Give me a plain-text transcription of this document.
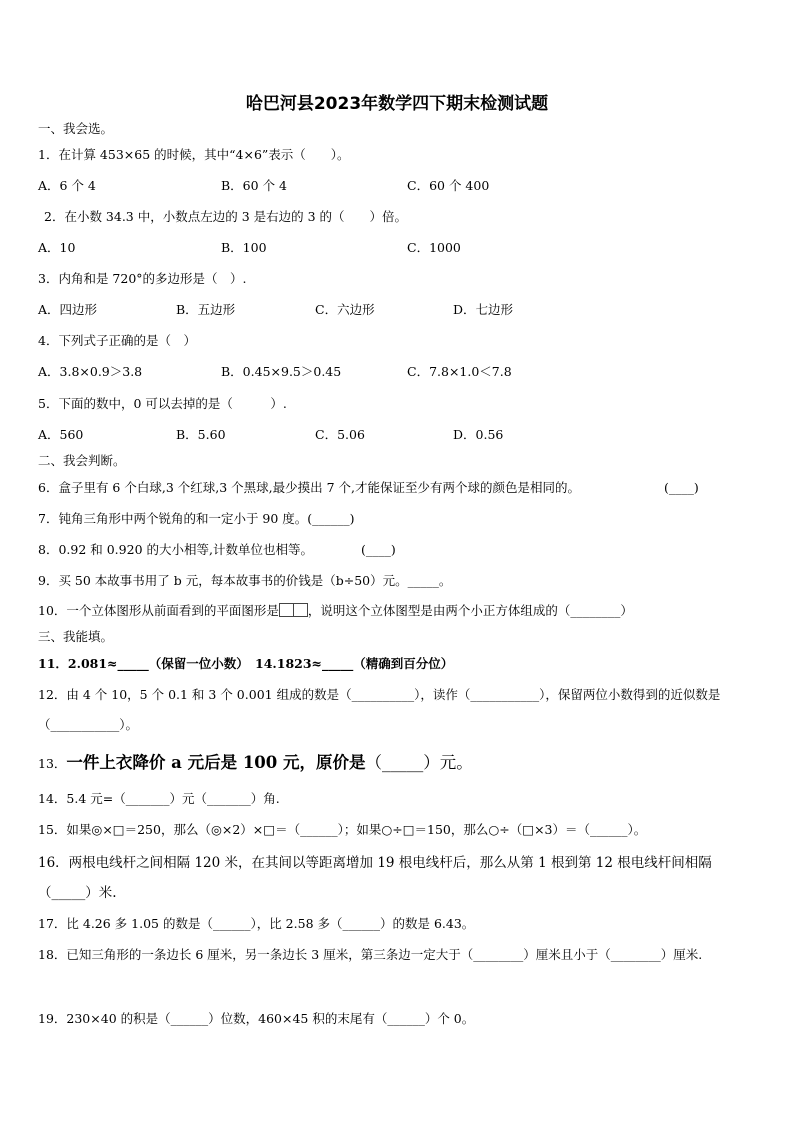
哈巴河县2023年数学四下期末检测试题
一、我会选。
1．在计算 453×65 的时候，其中“4×6”表示（　　）。
A．6 个 4	B．60 个 4	C．60 个 400
2．在小数 34.3 中，小数点左边的 3 是右边的 3 的（　　）倍。
A．10	B．100	C．1000
3．内角和是 720°的多边形是（　）.
A．四边形	B．五边形	C．六边形	D．七边形
4．下列式子正确的是（　）
A．3.8×0.9＞3.8	B．0.45×9.5＞0.45	C．7.8×1.0＜7.8
5．下面的数中，0 可以去掉的是（　　　）.
A．560	B．5.60	C．5.06	D．0.56
二、我会判断。
6．盒子里有 6 个白球,3 个红球,3 个黑球,最少摸出 7 个,才能保证至少有两个球的颜色是相同的。	(____)
7．钝角三角形中两个锐角的和一定小于 90 度。(______)
8．0.92 和 0.920 的大小相等,计数单位也相等。	(____)
9．买 50 本故事书用了 b 元，每本故事书的价钱是（b÷50）元。_____。
10．一个立体图形从前面看到的平面图形是 ，说明这个立体图型是由两个小正方体组成的（________）
三、我能填。
11．2.081≈_____（保留一位小数）　14.1823≈_____（精确到百分位）
12．由 4 个 10，5 个 0.1 和 3 个 0.001 组成的数是（__________），读作（___________），保留两位小数得到的近似数是（___________）。
13．一件上衣降价 a 元后是 100 元，原价是（_____）元。
14．5.4 元=（_______）元（_______）角.
15．如果◎×□＝250，那么（◎×2）×□＝（______）；如果○÷□＝150，那么○÷（□×3）＝（______）。
16．两根电线杆之间相隔 120 米，在其间以等距离增加 19 根电线杆后，那么从第 1 根到第 12 根电线杆间相隔（_____）米.
17．比 4.26 多 1.05 的数是（______），比 2.58 多（______）的数是 6.43。
18．已知三角形的一条边长 6 厘米，另一条边长 3 厘米，第三条边一定大于（________）厘米且小于（________）厘米.
19．230×40 的积是（______）位数，460×45 积的末尾有（______）个 0。
